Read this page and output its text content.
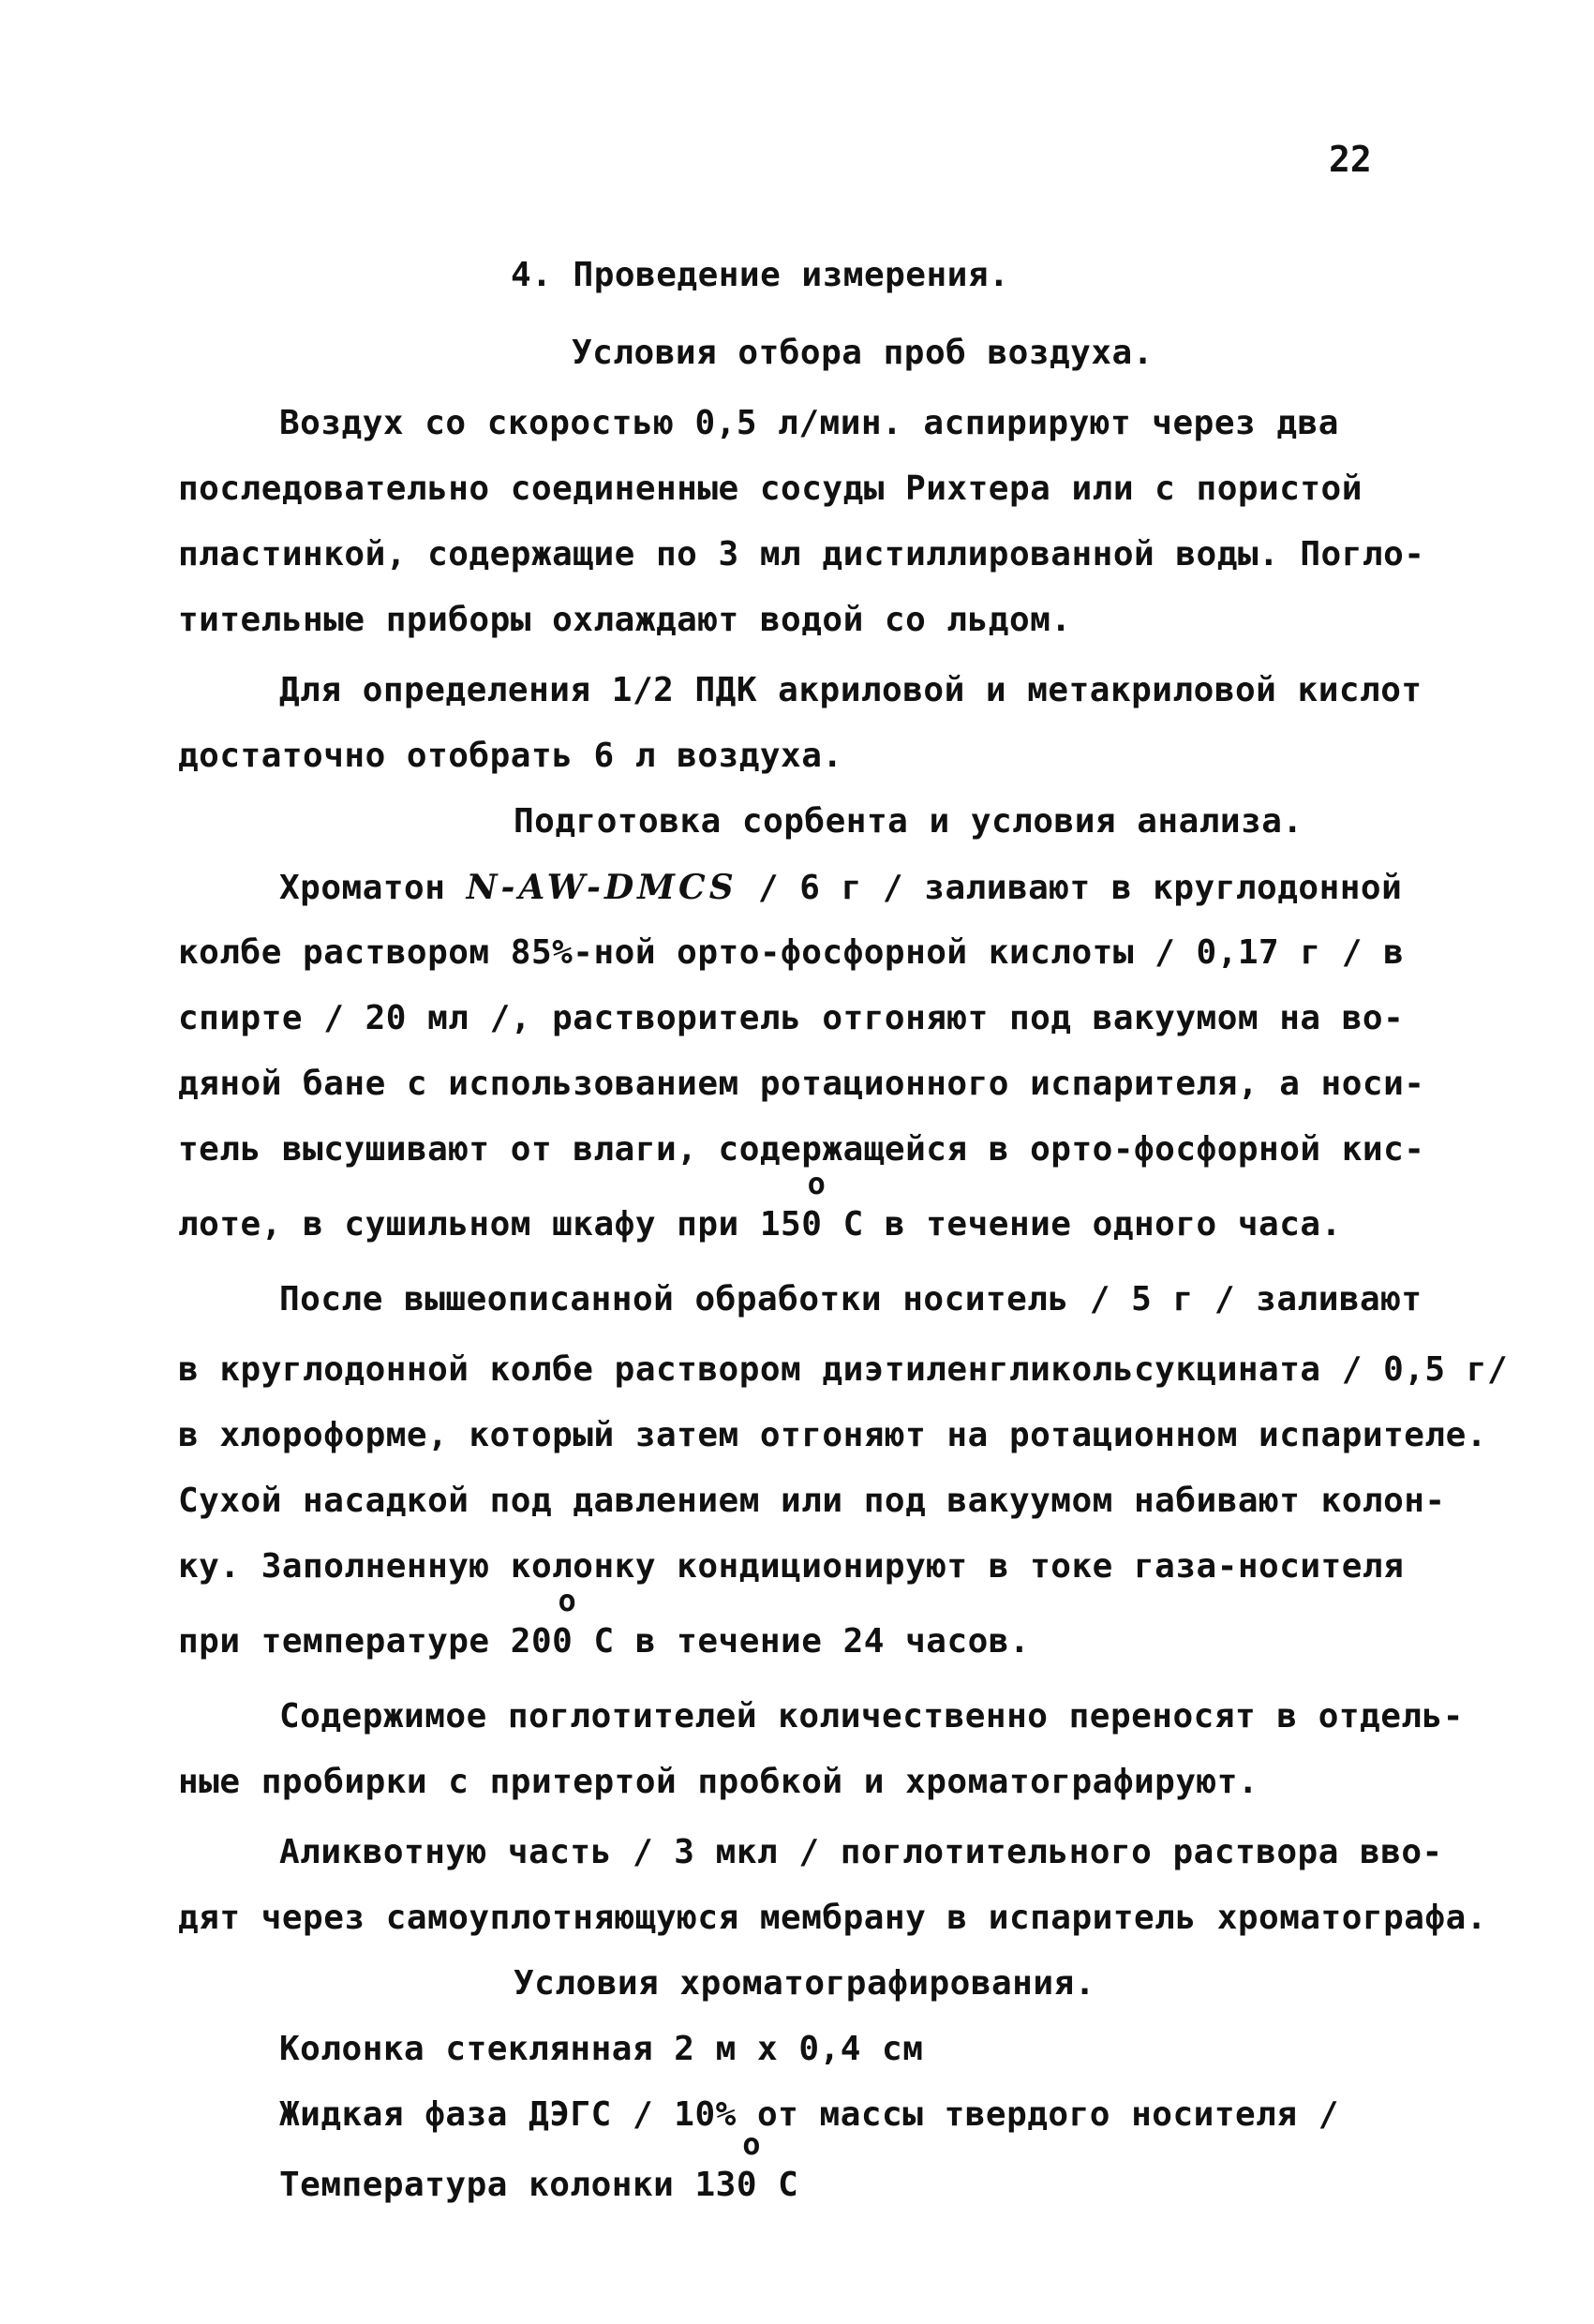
22
4. Проведение измерения.
Условия отбора проб воздуха.
Воздух со скоростью 0,5 л/мин. аспирируют через два
последовательно соединенные сосуды Рихтера или с пористой
пластинкой, содержащие по 3 мл дистиллированной воды. Погло-
тительные приборы охлаждают водой со льдом.
Для определения 1/2 ПДК акриловой и метакриловой кислот
достаточно отобрать 6 л воздуха.
Подготовка сорбента и условия анализа.
Хроматон N-AW-DMCS / 6 г / заливают в круглодонной
колбе раствором 85%-ной орто-фосфорной кислоты / 0,17 г / в
спирте / 20 мл /, растворитель отгоняют под вакуумом на во-
дяной бане с использованием ротационного испарителя, а носи-
тель высушивают от влаги, содержащейся в орто-фосфорной кис-
лоте, в сушильном шкафу при 150
о
С в течение одного часа.
После вышеописанной обработки носитель / 5 г / заливают
в круглодонной колбе раствором диэтиленгликольсукцината / 0,5 г/
в хлороформе, который затем отгоняют на ротационном испарителе.
Сухой насадкой под давлением или под вакуумом набивают колон-
ку. Заполненную колонку кондиционируют в токе газа-носителя
при температуре 200
о
С в течение 24 часов.
Содержимое поглотителей количественно переносят в отдель-
ные пробирки с притертой пробкой и хроматографируют.
Аликвотную часть / 3 мкл / поглотительного раствора вво-
дят через самоуплотняющуюся мембрану в испаритель хроматографа.
Условия хроматографирования.
Колонка стеклянная 2 м х 0,4 см
Жидкая фаза ДЭГС / 10% от массы твердого носителя /
Температура колонки 130
о
С
